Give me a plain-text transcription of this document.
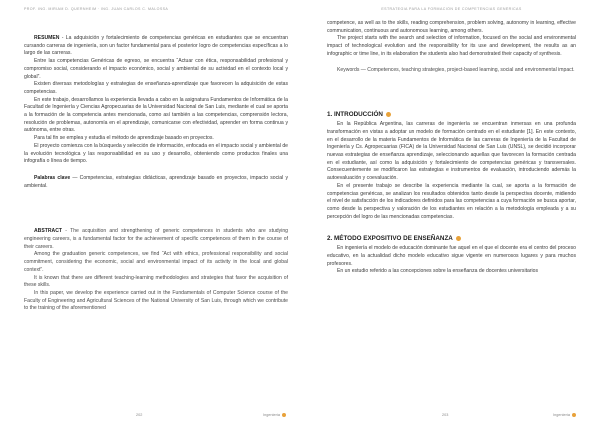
PROF. ING. MIRIAM D. QUERNHEIM · ING. JUAN CARLOS C. MALOSSA

RESUMEN - La adquisición y fortalecimiento de competencias genéricas en estudiantes que se encuentran cursando carreras de ingeniería, son un factor fundamental para el posterior logro de competencias específicas a lo largo de las carreras.

Entre las competencias Genéricas de egreso, se encuentra “Actuar con ética, responsabilidad profesional y compromiso social, considerando el impacto económico, social y ambiental de su actividad en el contexto local y global”.

Existen diversas metodologías y estrategias de enseñanza-aprendizaje que favorecen la adquisición de estas competencias.

En este trabajo, desarrollamos la experiencia llevada a cabo en la asignatura Fundamentos de Informática de la Facultad de Ingeniería y Ciencias Agropecuarias de la Universidad Nacional de San Luis, mediante el cual se aporta a la formación de la competencia antes mencionada, como así también a las competencias, comprensión lectora, resolución de problemas, autonomía en el aprendizaje, comunicarse con efectividad, aprender en forma continua y autónoma, entre otras.

Para tal fin se emplea y estudia el método de aprendizaje basado en proyectos.

El proyecto comienza con la búsqueda y selección de información, enfocada en el impacto social y ambiental de la evolución tecnológica y las responsabilidad en su uso y desarrollo, obteniendo como productos finales una infografía o línea de tiempo.

Palabras clave — Competencias, estrategias didácticas, aprendizaje basado en proyectos, impacto social y ambiental.

ABSTRACT - The acquisition and strengthening of generic competences in students who are studying engineering careers, is a fundamental factor for the achievement of specific competences of them in the course of their careers.

Among the graduation generic competences, we find “Act with ethics, professional responsibility and social commitment, considering the economic, social and environmental impact of its activity in the local and global context”.

It is known that there are different teaching-learning methodologies and strategies that favor the acquisition of these skills.

In this paper, we develop the experience carried out in the Fundamentals of Computer Science course of the Faculty of Engineering and Agricultural Sciences of the National University of San Luis, through which we contribute to the training of the aforementioned

202	Ingeniería
ESTRATEGIA PARA LA FORMACIÓN DE COMPETENCIAS GENÉRICAS

competence, as well as to the skills, reading comprehension, problem solving, autonomy in learning, effective communication, continuous and autonomous learning, among others.

The project starts with the search and selection of information, focused on the social and environmental impact of technological evolution and the responsibility for its use and development, the results as an infographic or time line, in its elaboration the students also had demonstrated their capacity of synthesis.

Keywords — Competences, teaching strategies, project-based learning, social and environmental impact.

1. INTRODUCCIÓN

En la República Argentina, las carreras de ingeniería se encuentran inmersas en una profunda transformación en vistas a adoptar un modelo de formación centrado en el estudiante [1]. En este contexto, en el desarrollo de la materia Fundamentos de Informática de las carreras de Ingeniería de la Facultad de Ingeniería y Cs. Agropecuarias (FICA) de la Universidad Nacional de San Luis (UNSL), se decidió incorporar nuevas estrategias de enseñanza aprendizaje, seleccionando aquellas que favorecen la formación centrada en el estudiante, así como la adquisición y fortalecimiento de competencias genéricas y transversales. Consecuentemente se modificaron las estrategias e instrumentos de evaluación, introduciendo además la autoevaluación y coevaluación.

En el presente trabajo se describe la experiencia mediante la cual, se aporta a la formación de competencias genéricas, se analizan los resultados obtenidos tanto desde la perspectiva docente, midiendo el nivel de satisfacción de los indicadores definidos para las competencias a cuya formación se busca aportar, como desde la perspectiva y valoración de los estudiantes en relación a la metodología empleada y a su percepción del logro de las mencionadas competencias.

2. MÉTODO EXPOSITIVO DE ENSEÑANZA

En ingeniería el modelo de educación dominante fue aquel en el que el docente era el centro del proceso educativo, en la actualidad dicho modelo educativo sigue vigente en numerosos lugares y para muchos profesores.

En un estudio referido a las concepciones sobre la enseñanza de docentes universitarios

203	Ingeniería
